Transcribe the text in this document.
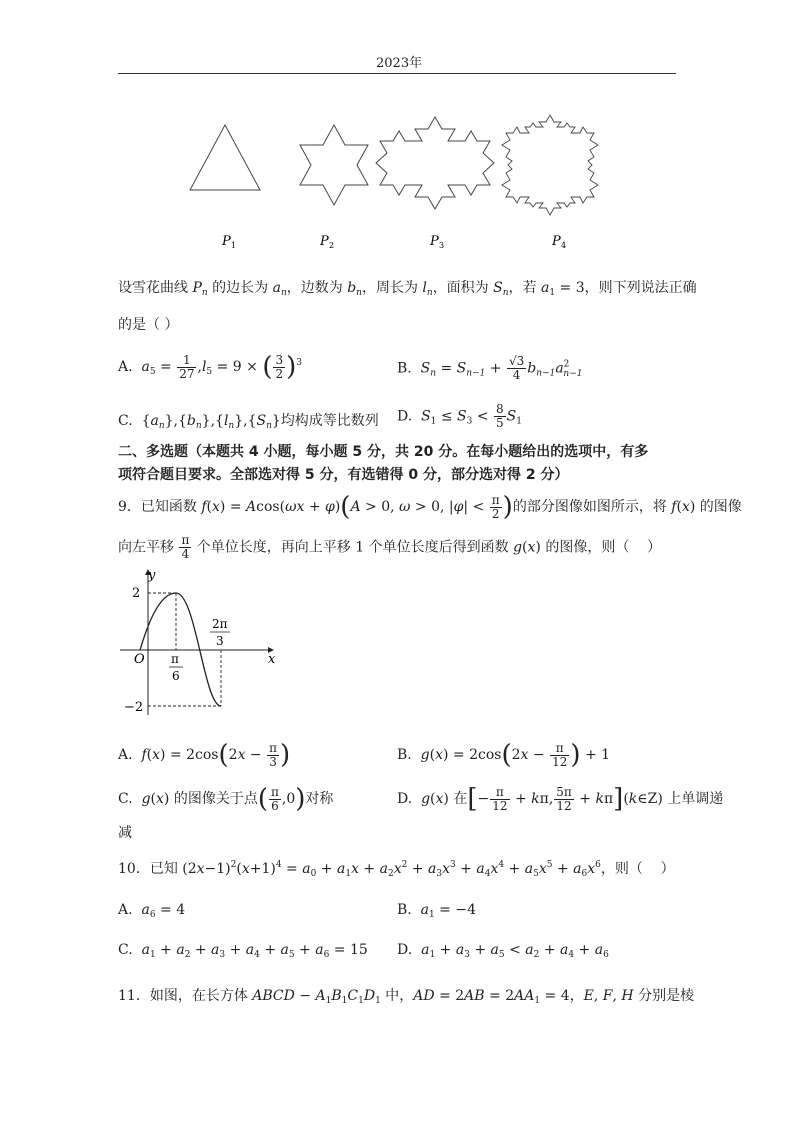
2023年
P 1	P 2	P 3	P 4
设雪花曲线 $P_n$ 的边长为 $a_n$，边数为 $b_n$，周长为 $l_n$，面积为 $S_n$，若 $a_1 = 3$，则下列说法正确
的是（ ）
A.  $a_5 = \frac{1}{27} ,l_5 = 9$ × ( $\frac{3}{2} )^3$	B.  $S_n = S_{n-1} + \frac{√3}{4} b_{n-1}a^2_{n-1}$
C.  $\{a_n\},\{b_n\},\{l_n\},\{S_n\}$均构成等比数列 D.  $S_1 \le S_3 < \frac{8}{5} S_1$
二、多选题（本题共 4 小题，每小题 5 分，共 20 分。在每小题给出的选项中，有多
项符合题目要求。全部选对得 5 分，有选错得 0 分，部分选对得 2 分）
9．已知函数 f(x) = Acos(ωx + φ)(A > 0, ω > 0, $|\varphi| < \frac{\pi}{2}$ )的部分图像如图所示，将 f(x) 的图像
向左平移 $\frac{\pi}{4}$ 个单位长度，再向上平移 1 个单位长度后得到函数 g(x) 的图像，则（    ）
y
2
−2
O	x
π
6
2π
3
A.  $f(x) = 2\cos(2x - \frac{\pi}{3}$ )	B.  $g(x) = 2\cos(2x - \frac{\pi}{12}$ ) + 1
C.  g(x) 的图像关于点( $\frac{\pi}{6} ,0$)对称	D.  g(x) 在[− $\frac{\pi}{12} + k\pi$, $\frac{5\pi}{12}$ + kπ](k∈Z) 上单调递
减
10．已知 $(2x-1)^2(x+1)^4 = a_0 + a_1x + a_2x^2 + a_3x^3 + a_4x^4 + a_5x^5 + a_6x^6$，则（    ）
A.  $a_6 = 4$	B.  $a_1 = -4$
C.  $a_1 + a_2 + a_3 + a_4 + a_5 + a_6 = 15$ D.  $a_1 + a_3 + a_5 < a_2 + a_4 + a_6$
11．如图，在长方体 ABCD − $A_1B_1C_1D_1$ 中，AD = $2AB = 2AA_1 = 4$，E, F, H 分别是棱
